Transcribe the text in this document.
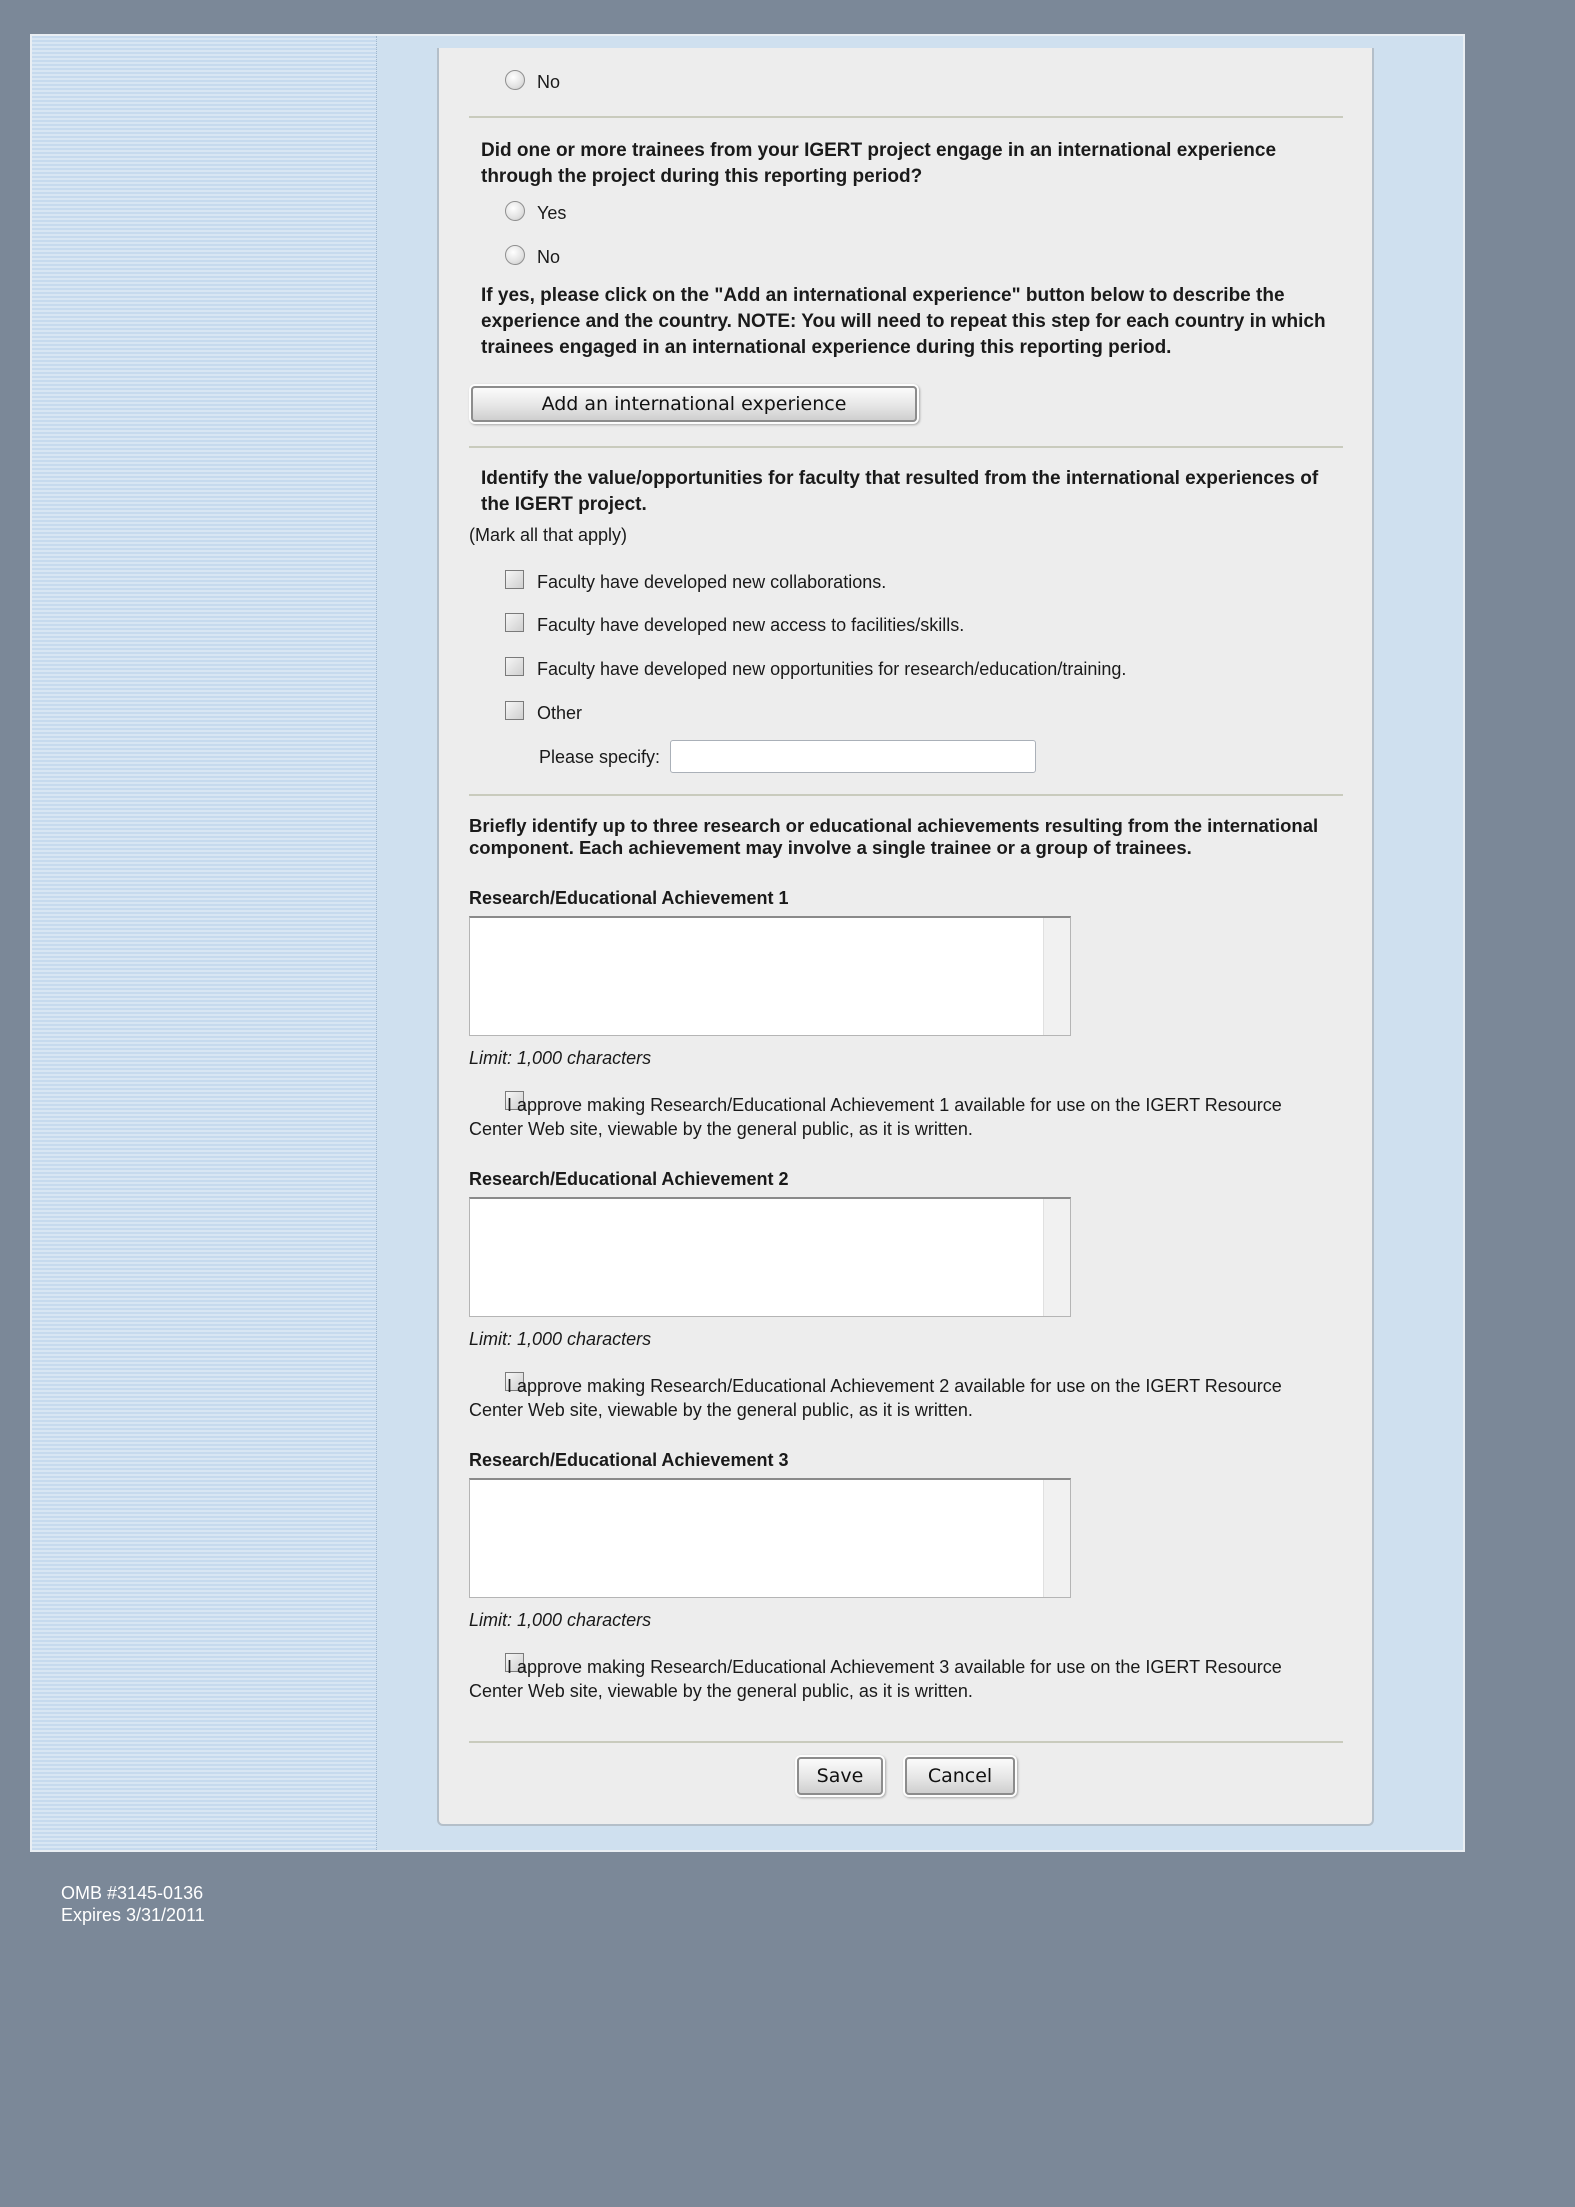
No
Did one or more trainees from your IGERT project engage in an international experience through the project during this reporting period?
Yes
No
If yes, please click on the "Add an international experience" button below to describe the experience and the country. NOTE: You will need to repeat this step for each country in which trainees engaged in an international experience during this reporting period.
Add an international experience
Identify the value/opportunities for faculty that resulted from the international experiences of the IGERT project.
(Mark all that apply)
Faculty have developed new collaborations.
Faculty have developed new access to facilities/skills.
Faculty have developed new opportunities for research/education/training.
Other
Please specify:
Briefly identify up to three research or educational achievements resulting from the international component. Each achievement may involve a single trainee or a group of trainees.
Research/Educational Achievement 1
Limit: 1,000 characters
I approve making Research/Educational Achievement 1 available for use on the IGERT Resource Center Web site, viewable by the general public, as it is written.
Research/Educational Achievement 2
Limit: 1,000 characters
I approve making Research/Educational Achievement 2 available for use on the IGERT Resource Center Web site, viewable by the general public, as it is written.
Research/Educational Achievement 3
Limit: 1,000 characters
I approve making Research/Educational Achievement 3 available for use on the IGERT Resource Center Web site, viewable by the general public, as it is written.
Save	Cancel
OMB #3145-0136
Expires 3/31/2011
